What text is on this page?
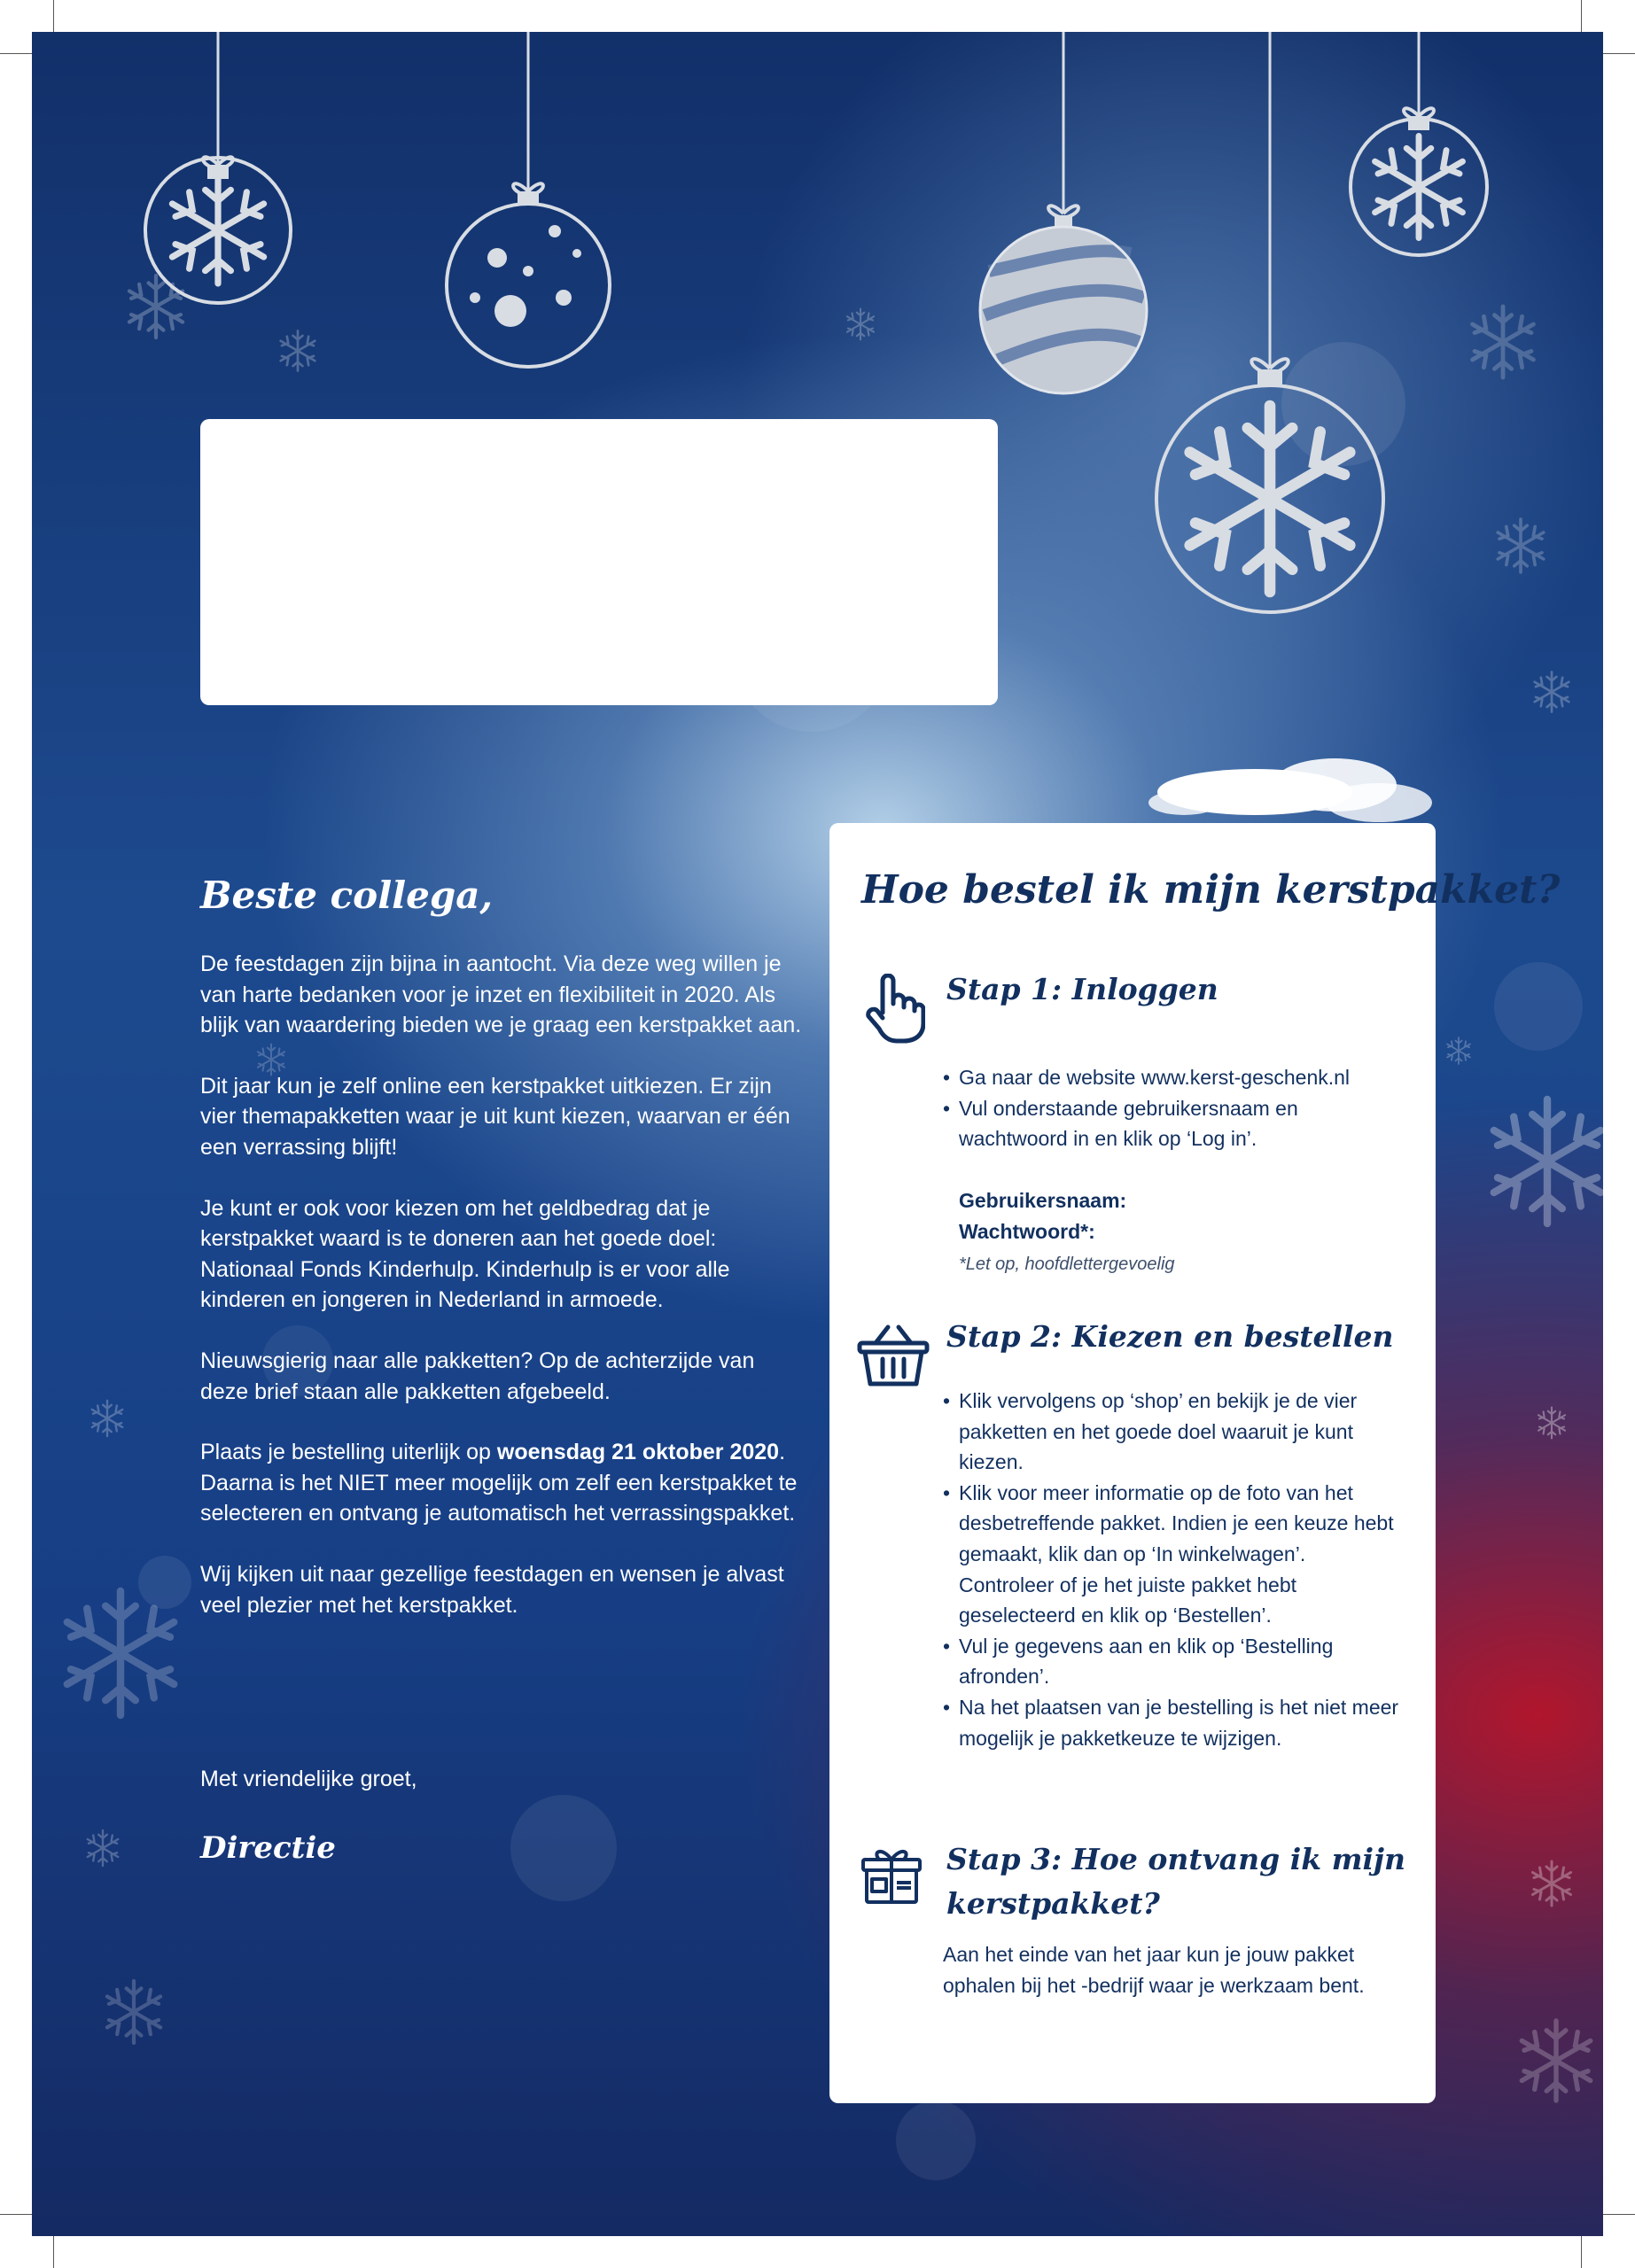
Beste collega,

De feestdagen zijn bijna in aantocht. Via deze weg willen je van harte bedanken voor je inzet en flexibiliteit in 2020. Als blijk van waardering bieden we je graag een kerstpakket aan.

Dit jaar kun je zelf online een kerstpakket uitkiezen. Er zijn vier themapakketten waar je uit kunt kiezen, waarvan er één een verrassing blijft!

Je kunt er ook voor kiezen om het geldbedrag dat je kerstpakket waard is te doneren aan het goede doel: Nationaal Fonds Kinderhulp. Kinderhulp is er voor alle kinderen en jongeren in Nederland in armoede.

Nieuwsgierig naar alle pakketten? Op de achterzijde van deze brief staan alle pakketten afgebeeld.

Plaats je bestelling uiterlijk op woensdag 21 oktober 2020. Daarna is het NIET meer mogelijk om zelf een kerstpakket te selecteren en ontvang je automatisch het verrassingspakket.

Wij kijken uit naar gezellige feestdagen en wensen je alvast veel plezier met het kerstpakket.

Met vriendelijke groet,
Directie
Hoe bestel ik mijn kerstpakket?
Stap 1: Inloggen
• Ga naar de website www.kerst-geschenk.nl
• Vul onderstaande gebruikersnaam en wachtwoord in en klik op ‘Log in’.
Gebruikersnaam:
Wachtwoord*:
*Let op, hoofdlettergevoelig
Stap 2: Kiezen en bestellen
• Klik vervolgens op ‘shop’ en bekijk je de vier pakketten en het goede doel waaruit je kunt kiezen.
• Klik voor meer informatie op de foto van het desbetreffende pakket. Indien je een keuze hebt gemaakt, klik dan op ‘In winkelwagen’. Controleer of je het juiste pakket hebt geselecteerd en klik op ‘Bestellen’.
• Vul je gegevens aan en klik op ‘Bestelling afronden’.
• Na het plaatsen van je bestelling is het niet meer mogelijk je pakketkeuze te wijzigen.
Stap 3: Hoe ontvang ik mijn
kerstpakket?

Aan het einde van het jaar kun je jouw pakket ophalen bij het -bedrijf waar je werkzaam bent.
